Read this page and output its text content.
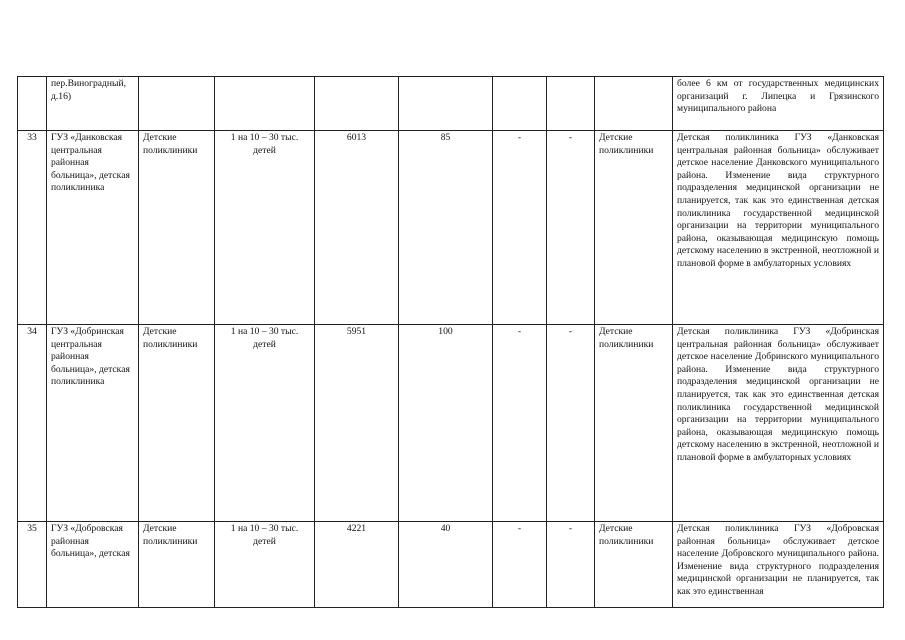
	пер.Виноградный, д.16)								более 6 км от государственных медицинских организаций г. Липецка и Грязинского муниципального района

33	ГУЗ «Данковская центральная районная больница», детская поликлиника	Детские поликлиники	1 на 10 – 30 тыс. детей	6013	85	-	-	Детские поликлиники	Детская поликлиника ГУЗ «Данковская центральная районная больница» обслуживает детское население Данковского муниципального района. Изменение вида структурного подразделения медицинской организации не планируется, так как это единственная детская поликлиника государственной медицинской организации на территории муниципального района, оказывающая медицинскую помощь детскому населению в экстренной, неотложной и плановой форме в амбулаторных условиях

34	ГУЗ «Добринская центральная районная больница», детская поликлиника	Детские поликлиники	1 на 10 – 30 тыс. детей	5951	100	-	-	Детские поликлиники	Детская поликлиника ГУЗ «Добринская центральная районная больница» обслуживает детское население Добринского муниципального района. Изменение вида структурного подразделения медицинской организации не планируется, так как это единственная детская поликлиника государственной медицинской организации на территории муниципального района, оказывающая медицинскую помощь детскому населению в экстренной, неотложной и плановой форме в амбулаторных условиях

35	ГУЗ «Добровская районная больница», детская	Детские поликлиники	1 на 10 – 30 тыс. детей	4221	40	-	-	Детские поликлиники	Детская поликлиника ГУЗ «Добровская районная больница» обслуживает детское население Добровского муниципального района. Изменение вида структурного подразделения медицинской организации не планируется, так как это единственная
